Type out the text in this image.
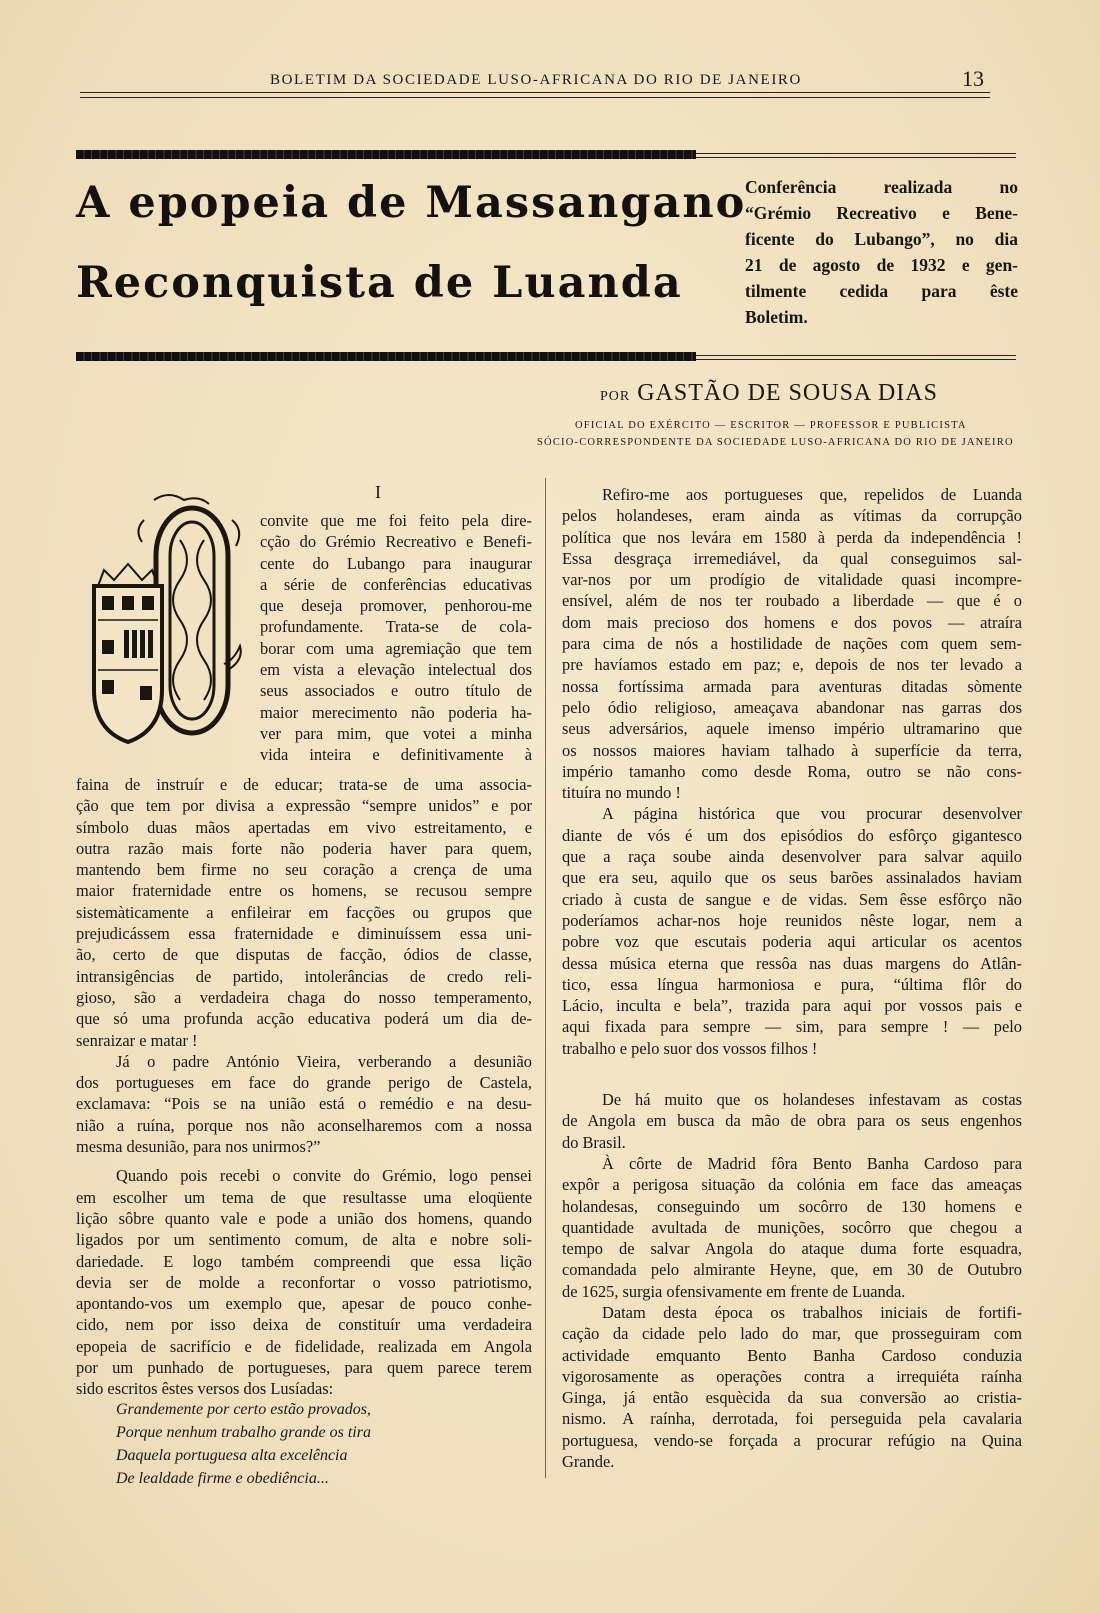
BOLETIM DA SOCIEDADE LUSO-AFRICANA DO RIO DE JANEIRO	13
A epopeia de Massangano
Reconquista de Luanda
Conferência realizada no
“Grémio Recreativo e Bene-
ficente do Lubango”, no dia
21 de agosto de 1932 e gen-
tilmente cedida para êste
Boletim.
POR GASTÃO DE SOUSA DIAS
OFICIAL DO EXÉRCITO — ESCRITOR — PROFESSOR E PUBLICISTA
SÓCIO-CORRESPONDENTE DA SOCIEDADE LUSO-AFRICANA DO RIO DE JANEIRO
I
convite que me foi feito pela dire-
cção do Grémio Recreativo e Benefi-
cente do Lubango para inaugurar
a série de conferências educativas
que deseja promover, penhorou-me
profundamente. Trata-se de cola-
borar com uma agremiação que tem
em vista a elevação intelectual dos
seus associados e outro título de
maior merecimento não poderia ha-
ver para mim, que votei a minha
vida inteira e definitivamente à
faina de instruír e de educar; trata-se de uma associa-
ção que tem por divisa a expressão “sempre unidos” e por
símbolo duas mãos apertadas em vivo estreitamento, e
outra razão mais forte não poderia haver para quem,
mantendo bem firme no seu coração a crença de uma
maior fraternidade entre os homens, se recusou sempre
sistemàticamente a enfileirar em facções ou grupos que
prejudicássem essa fraternidade e diminuíssem essa uni-
ão, certo de que disputas de facção, ódios de classe,
intransigências de partido, intolerâncias de credo reli-
gioso, são a verdadeira chaga do nosso temperamento,
que só uma profunda acção educativa poderá um dia de-
senraizar e matar !
Já o padre António Vieira, verberando a desunião
dos portugueses em face do grande perigo de Castela,
exclamava: “Pois se na união está o remédio e na desu-
nião a ruína, porque nos não aconselharemos com a nossa
mesma desunião, para nos unirmos?”
Quando pois recebi o convite do Grémio, logo pensei
em escolher um tema de que resultasse uma eloqüente
lição sôbre quanto vale e pode a união dos homens, quando
ligados por um sentimento comum, de alta e nobre soli-
dariedade. E logo também compreendi que essa lição
devia ser de molde a reconfortar o vosso patriotismo,
apontando-vos um exemplo que, apesar de pouco conhe-
cido, nem por isso deixa de constituír uma verdadeira
epopeia de sacrifício e de fidelidade, realizada em Angola
por um punhado de portugueses, para quem parece terem
sido escritos êstes versos dos Lusíadas:
Grandemente por certo estão provados,
Porque nenhum trabalho grande os tira
Daquela portuguesa alta excelência
De lealdade firme e obediência...
Refiro-me aos portugueses que, repelidos de Luanda
pelos holandeses, eram ainda as vítimas da corrupção
política que nos levára em 1580 à perda da independência !
Essa desgraça irremediável, da qual conseguimos sal-
var-nos por um prodígio de vitalidade quasi incompre-
ensível, além de nos ter roubado a liberdade — que é o
dom mais precioso dos homens e dos povos — atraíra
para cima de nós a hostilidade de nações com quem sem-
pre havíamos estado em paz; e, depois de nos ter levado a
nossa fortíssima armada para aventuras ditadas sòmente
pelo ódio religioso, ameaçava abandonar nas garras dos
seus adversários, aquele imenso império ultramarino que
os nossos maiores haviam talhado à superfície da terra,
império tamanho como desde Roma, outro se não cons-
tituíra no mundo !
A página histórica que vou procurar desenvolver
diante de vós é um dos episódios do esfôrço gigantesco
que a raça soube ainda desenvolver para salvar aquilo
que era seu, aquilo que os seus barões assinalados haviam
criado à custa de sangue e de vidas. Sem êsse esfôrço não
poderíamos achar-nos hoje reunidos nêste logar, nem a
pobre voz que escutais poderia aqui articular os acentos
dessa música eterna que ressôa nas duas margens do Atlân-
tico, essa língua harmoniosa e pura, “última flôr do
Lácio, inculta e bela”, trazida para aqui por vossos pais e
aqui fixada para sempre — sim, para sempre ! — pelo
trabalho e pelo suor dos vossos filhos !
De há muito que os holandeses infestavam as costas
de Angola em busca da mão de obra para os seus engenhos
do Brasil.
À côrte de Madrid fôra Bento Banha Cardoso para
expôr a perigosa situação da colónia em face das ameaças
holandesas, conseguindo um socôrro de 130 homens e
quantidade avultada de munições, socôrro que chegou a
tempo de salvar Angola do ataque duma forte esquadra,
comandada pelo almirante Heyne, que, em 30 de Outubro
de 1625, surgia ofensivamente em frente de Luanda.
Datam desta época os trabalhos iniciais de fortifi-
cação da cidade pelo lado do mar, que prosseguiram com
actividade emquanto Bento Banha Cardoso conduzia
vigorosamente as operações contra a irrequiéta raínha
Ginga, já então esquècida da sua conversão ao cristia-
nismo. A raínha, derrotada, foi perseguida pela cavalaria
portuguesa, vendo-se forçada a procurar refúgio na Quina
Grande.
